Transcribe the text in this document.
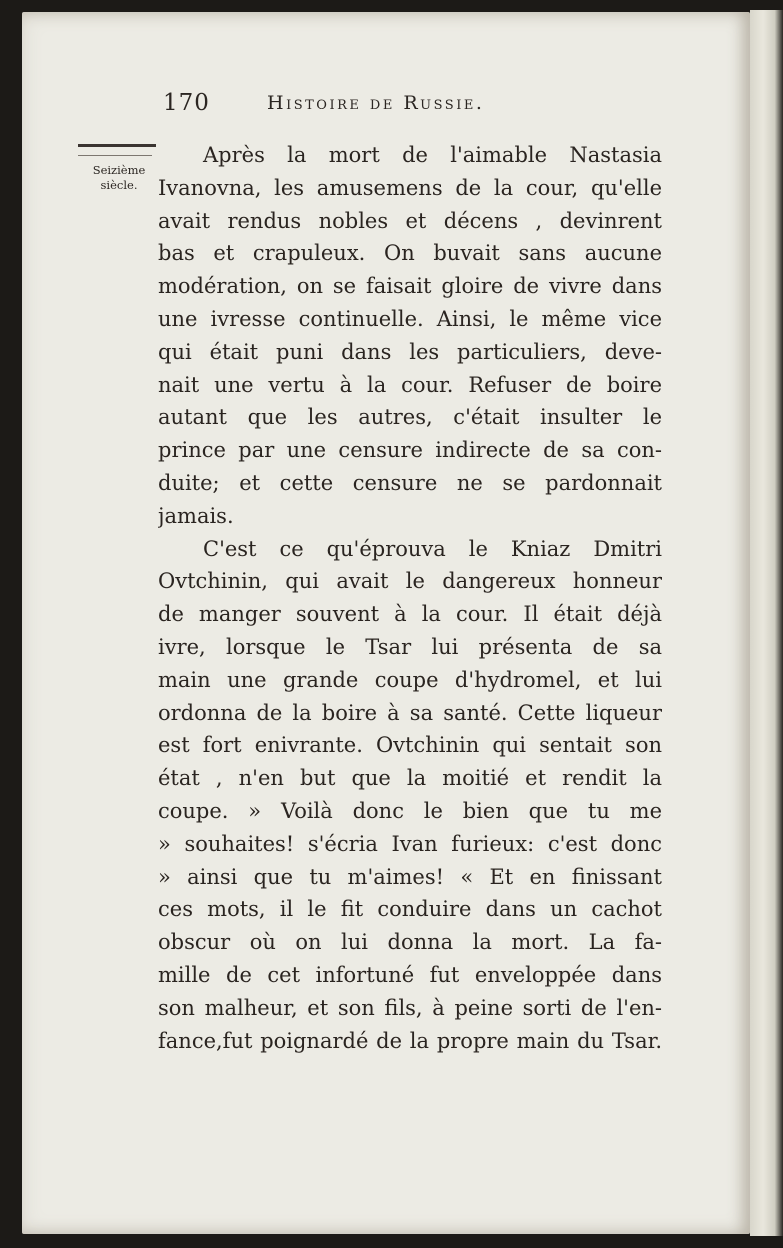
170	Histoire de Russie.
Seizième
siècle.
Après la mort de l'aimable Nastasia
Ivanovna, les amusemens de la cour, qu'elle
avait rendus nobles et décens , devinrent
bas et crapuleux. On buvait sans aucune
modération, on se faisait gloire de vivre dans
une ivresse continuelle. Ainsi, le même vice
qui était puni dans les particuliers, deve-
nait une vertu à la cour. Refuser de boire
autant que les autres, c'était insulter le
prince par une censure indirecte de sa con-
duite; et cette censure ne se pardonnait
jamais.
C'est ce qu'éprouva le Kniaz Dmitri
Ovtchinin, qui avait le dangereux honneur
de manger souvent à la cour. Il était déjà
ivre, lorsque le Tsar lui présenta de sa
main une grande coupe d'hydromel, et lui
ordonna de la boire à sa santé. Cette liqueur
est fort enivrante. Ovtchinin qui sentait son
état , n'en but que la moitié et rendit la
coupe. » Voilà donc le bien que tu me
» souhaites! s'écria Ivan furieux: c'est donc
» ainsi que tu m'aimes! « Et en finissant
ces mots, il le fit conduire dans un cachot
obscur où on lui donna la mort. La fa-
mille de cet infortuné fut enveloppée dans
son malheur, et son fils, à peine sorti de l'en-
fance,fut poignardé de la propre main du Tsar.
